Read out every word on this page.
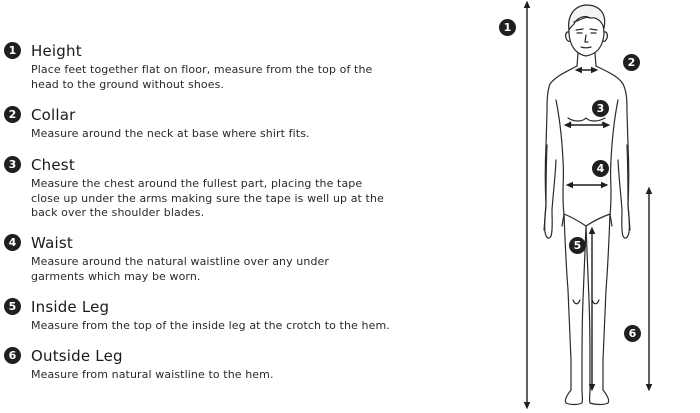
1 Height
Place feet together flat on floor, measure from the top of the head to the ground without shoes.
2 Collar
Measure around the neck at base where shirt fits.
3 Chest
Measure the chest around the fullest part, placing the tape close up under the arms making sure the tape is well up at the back over the shoulder blades.
4 Waist
Measure around the natural waistline over any under garments which may be worn.
5 Inside Leg
Measure from the top of the inside leg at the crotch to the hem.
6 Outside Leg
Measure from natural waistline to the hem.
1
2
3
4
5
6
